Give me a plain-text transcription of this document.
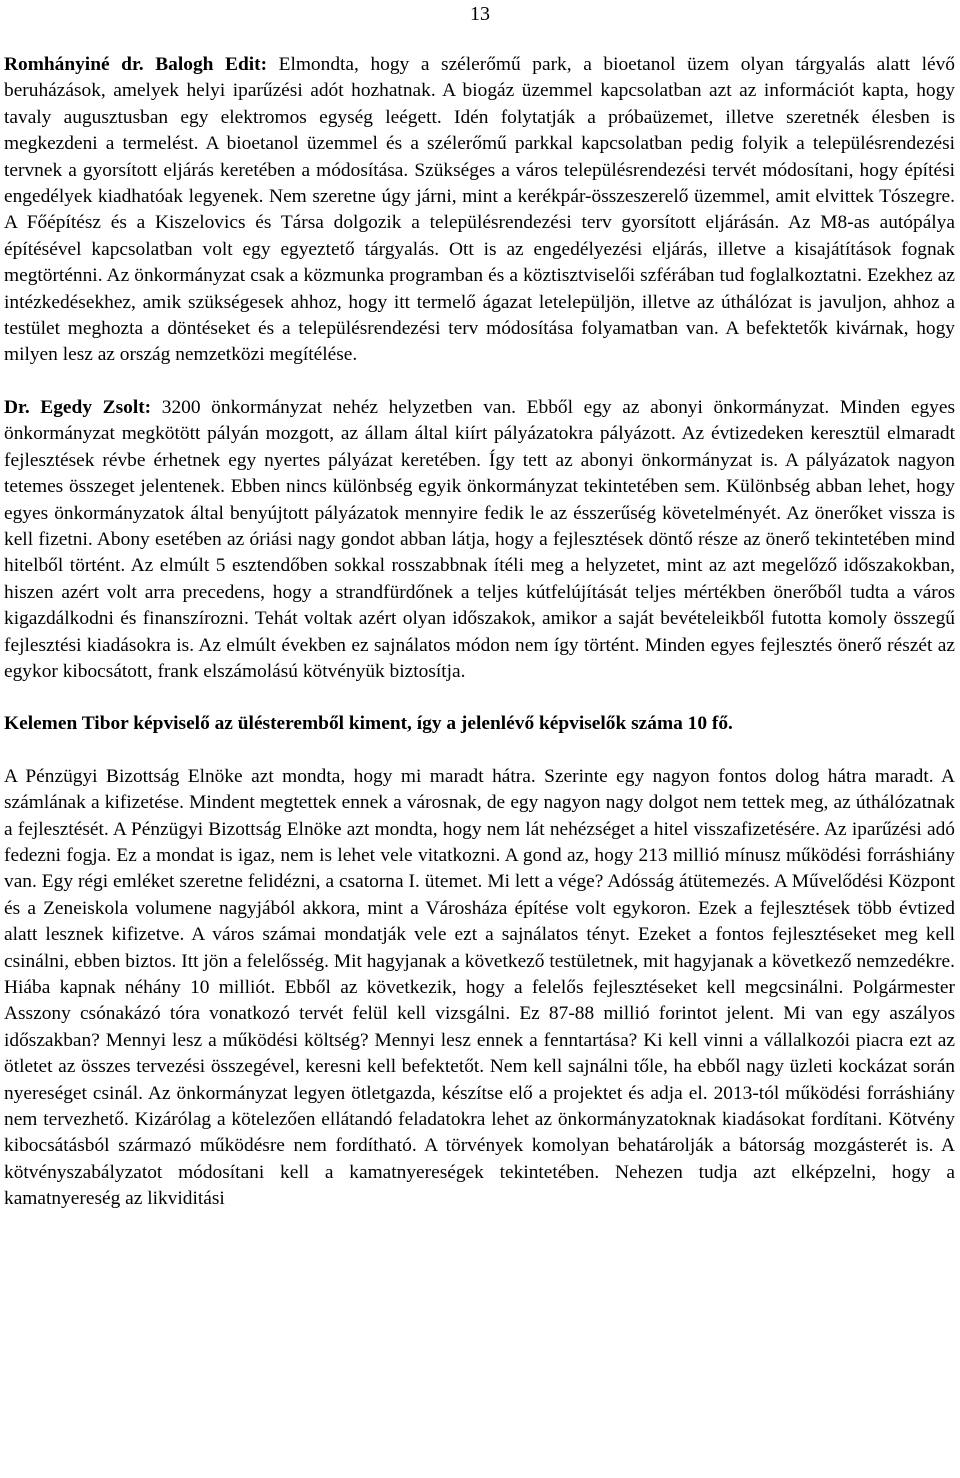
13

Romhányiné dr. Balogh Edit: Elmondta, hogy a szélerőmű park, a bioetanol üzem olyan tárgyalás alatt lévő beruházások, amelyek helyi iparűzési adót hozhatnak. A biogáz üzemmel kapcsolatban azt az információt kapta, hogy tavaly augusztusban egy elektromos egység leégett. Idén folytatják a próbaüzemet, illetve szeretnék élesben is megkezdeni a termelést. A bioetanol üzemmel és a szélerőmű parkkal kapcsolatban pedig folyik a településrendezési tervnek a gyorsított eljárás keretében a módosítása. Szükséges a város településrendezési tervét módosítani, hogy építési engedélyek kiadhatóak legyenek. Nem szeretne úgy járni, mint a kerékpár-összeszerelő üzemmel, amit elvittek Tószegre. A Főépítész és a Kiszelovics és Társa dolgozik a településrendezési terv gyorsított eljárásán. Az M8-as autópálya építésével kapcsolatban volt egy egyeztető tárgyalás. Ott is az engedélyezési eljárás, illetve a kisajátítások fognak megtörténni. Az önkormányzat csak a közmunka programban és a köztisztviselői szférában tud foglalkoztatni. Ezekhez az intézkedésekhez, amik szükségesek ahhoz, hogy itt termelő ágazat letelepüljön, illetve az úthálózat is javuljon, ahhoz a testület meghozta a döntéseket és a településrendezési terv módosítása folyamatban van. A befektetők kivárnak, hogy milyen lesz az ország nemzetközi megítélése.

Dr. Egedy Zsolt: 3200 önkormányzat nehéz helyzetben van. Ebből egy az abonyi önkormányzat. Minden egyes önkormányzat megkötött pályán mozgott, az állam által kiírt pályázatokra pályázott. Az évtizedeken keresztül elmaradt fejlesztések révbe érhetnek egy nyertes pályázat keretében. Így tett az abonyi önkormányzat is. A pályázatok nagyon tetemes összeget jelentenek. Ebben nincs különbség egyik önkormányzat tekintetében sem. Különbség abban lehet, hogy egyes önkormányzatok által benyújtott pályázatok mennyire fedik le az ésszerűség követelményét. Az önerőket vissza is kell fizetni. Abony esetében az óriási nagy gondot abban látja, hogy a fejlesztések döntő része az önerő tekintetében mind hitelből történt. Az elmúlt 5 esztendőben sokkal rosszabbnak ítéli meg a helyzetet, mint az azt megelőző időszakokban, hiszen azért volt arra precedens, hogy a strandfürdőnek a teljes kútfelújítását teljes mértékben önerőből tudta a város kigazdálkodni és finanszírozni. Tehát voltak azért olyan időszakok, amikor a saját bevételeikből futotta komoly összegű fejlesztési kiadásokra is. Az elmúlt években ez sajnálatos módon nem így történt. Minden egyes fejlesztés önerő részét az egykor kibocsátott, frank elszámolású kötvényük biztosítja.

Kelemen Tibor képviselő az ülésteremből kiment, így a jelenlévő képviselők száma 10 fő.

A Pénzügyi Bizottság Elnöke azt mondta, hogy mi maradt hátra. Szerinte egy nagyon fontos dolog hátra maradt. A számlának a kifizetése. Mindent megtettek ennek a városnak, de egy nagyon nagy dolgot nem tettek meg, az úthálózatnak a fejlesztését. A Pénzügyi Bizottság Elnöke azt mondta, hogy nem lát nehézséget a hitel visszafizetésére. Az iparűzési adó fedezni fogja. Ez a mondat is igaz, nem is lehet vele vitatkozni. A gond az, hogy 213 millió mínusz működési forráshiány van. Egy régi emléket szeretne felidézni, a csatorna I. ütemet. Mi lett a vége? Adósság átütemezés. A Művelődési Központ és a Zeneiskola volumene nagyjából akkora, mint a Városháza építése volt egykoron. Ezek a fejlesztések több évtized alatt lesznek kifizetve. A város számai mondatják vele ezt a sajnálatos tényt. Ezeket a fontos fejlesztéseket meg kell csinálni, ebben biztos. Itt jön a felelősség. Mit hagyjanak a következő testületnek, mit hagyjanak a következő nemzedékre. Hiába kapnak néhány 10 milliót. Ebből az következik, hogy a felelős fejlesztéseket kell megcsinálni. Polgármester Asszony csónakázó tóra vonatkozó tervét felül kell vizsgálni. Ez 87-88 millió forintot jelent. Mi van egy aszályos időszakban? Mennyi lesz a működési költség? Mennyi lesz ennek a fenntartása? Ki kell vinni a vállalkozói piacra ezt az ötletet az összes tervezési összegével, keresni kell befektetőt. Nem kell sajnálni tőle, ha ebből nagy üzleti kockázat során nyereséget csinál. Az önkormányzat legyen ötletgazda, készítse elő a projektet és adja el. 2013-tól működési forráshiány nem tervezhető. Kizárólag a kötelezően ellátandó feladatokra lehet az önkormányzatoknak kiadásokat fordítani. Kötvény kibocsátásból származó működésre nem fordítható. A törvények komolyan behatárolják a bátorság mozgásterét is. A kötvényszabályzatot módosítani kell a kamatnyereségek tekintetében. Nehezen tudja azt elképzelni, hogy a kamatnyereség az likviditási
